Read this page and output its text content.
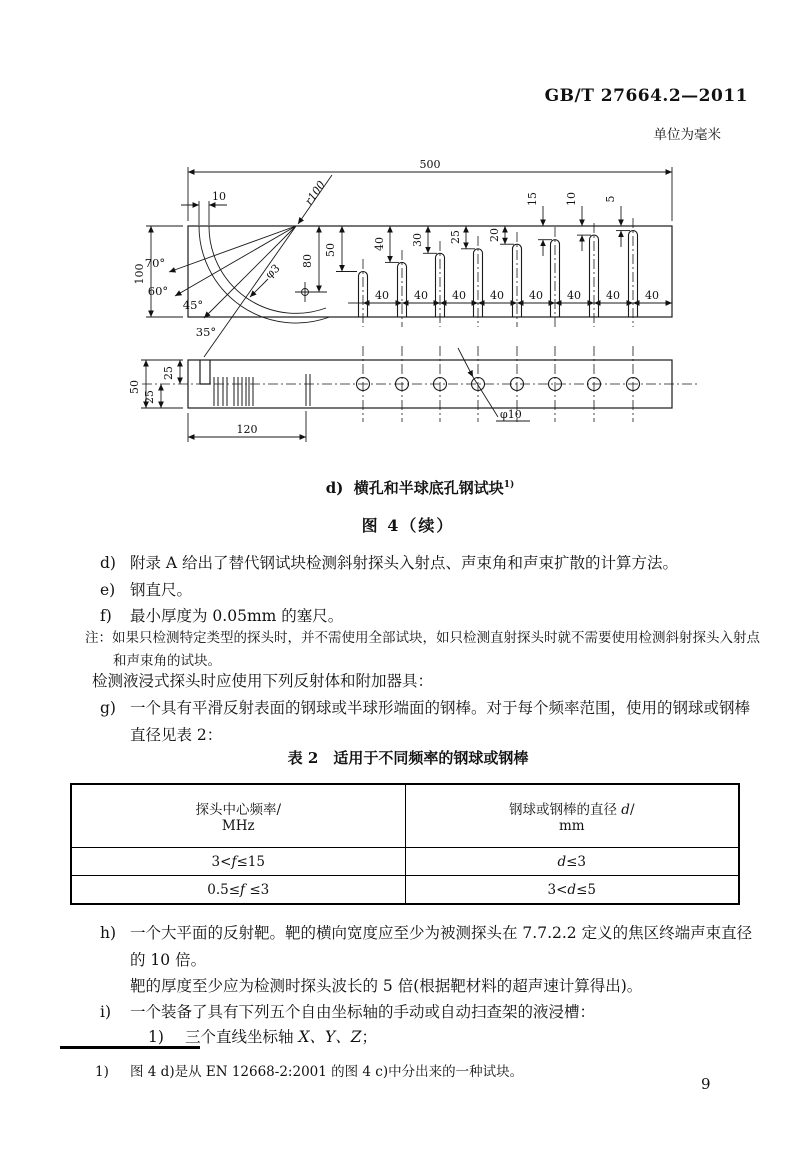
GB/T 27664.2—2011
单位为毫米
500
10
100
r100
70°
60°
45°
35°
φ3
80
50	40 30 25 20
15 10 5
40 40 40 40 40 40 40 40
50
25
25
120
φ10
d) 横孔和半球底孔钢试块$^{1)}$
图 4（续）
d) 附录 A 给出了替代钢试块检测斜射探头入射点、声束角和声束扩散的计算方法。
e) 钢直尺。
f) 最小厚度为 0.05mm 的塞尺。
注：如果只检测特定类型的探头时，并不需使用全部试块，如只检测直射探头时就不需要使用检测斜射探头入射点
和声束角的试块。
检测液浸式探头时应使用下列反射体和附加器具：
g) 一个具有平滑反射表面的钢球或半球形端面的钢棒。对于每个频率范围，使用的钢球或钢棒
直径见表 2：
表 2　适用于不同频率的钢球或钢棒
探头中心频率/
MHz

钢球或钢棒的直径 d/
mm

3<f≤15	d≤3
0.5≤f ≤3	3<d≤5
h) 一个大平面的反射靶。靶的横向宽度应至少为被测探头在 7.7.2.2 定义的焦区终端声束直径
的 10 倍。
靶的厚度至少应为检测时探头波长的 5 倍(根据靶材料的超声速计算得出)。
i) 一个装备了具有下列五个自由坐标轴的手动或自动扫查架的液浸槽：
1) 三个直线坐标轴 X、Y、Z；
1) 图 4 d)是从 EN 12668-2:2001 的图 4 c)中分出来的一种试块。
9
